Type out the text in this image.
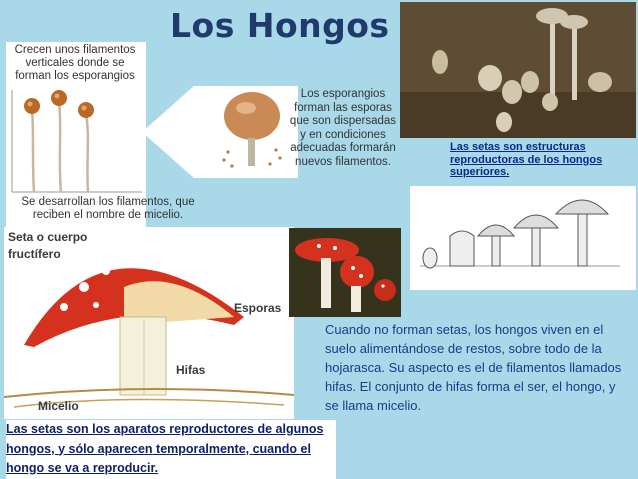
Los Hongos
Crecen unos filamentos verticales donde se forman los esporangios
Se desarrollan los filamentos, que reciben el nombre de micelio.
Los esporangios forman las esporas que son dispersadas y en condiciones adecuadas formarán nuevos filamentos.
Las setas son estructuras reproductoras de los hongos superiores.
Seta o cuerpo fructífero
Esporas
Hifas
Micelio
Cuando no forman setas, los hongos viven en el suelo alimentándose de restos, sobre todo de la hojarasca. Su aspecto es el de filamentos llamados hifas. El conjunto de hifas forma el ser, el hongo, y se llama micelio.
Las setas son los aparatos reproductores de algunos hongos, y sólo aparecen temporalmente, cuando el hongo se va a reproducir.
